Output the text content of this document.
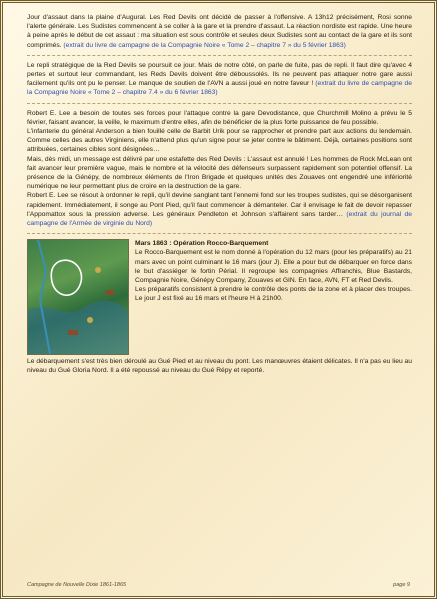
Jour d'assaut dans la plaine d'Augural. Les Red Devils ont décidé de passer à l'offensive. A 13h12 précisément, Rosi sonne l'alerte générale. Les Sudistes commencent à se coller à la gare et la prendre d'assaut. La réaction nordiste est rapide. Une heure à peine après le début de cet assaut : ma situation est sous contrôle et seules deux Sudistes sont au contact de la gare et ils sont comprimés. (extrait du livre de campagne de la Compagnie Noire « Tome 2 – chapitre 7 » du 5 février 1863)

Le repli stratégique de la Red Devils se poursuit ce jour. Mais de notre côté, on parle de fuite, pas de repli. Il faut dire qu'avec 4 pertes et surtout leur commandant, les Reds Devils doivent être déboussolés. Ils ne peuvent pas attaquer notre gare aussi facilement qu'ils ont pu le penser. Le manque de soutien de l'AVN a aussi joué en notre faveur ! (extrait du livre de campagne de la Compagnie Noire « Tome 2 – chapitre 7.4 » du 6 février 1863)

Robert E. Lee a besoin de toutes ses forces pour l'attaque contre la gare Devodistance, que Churchmill Molino a prévu le 5 février, faisant avancer, la veille, le maximum d'entre elles, afin de bénéficier de la plus forte puissance de feu possible.

L'infanterie du général Anderson a bien fouillé celle de Barbit Urik pour se rapprocher et prendre part aux actions du lendemain. Comme celles des autres Virginiens, elle n'attend plus qu'un signe pour se jeter contre le bâtiment. Déjà, certaines positions sont attribuées, certaines cibles sont désignées…

Mais, dès midi, un message est délivré par une estafette des Red Devils : L'assaut est annulé ! Les hommes de Rock McLean ont fait avancer leur première vague, mais le nombre et la vélocité des défenseurs surpassent rapidement son potentiel offensif. La présence de la Génépy, de nombreux éléments de l'Iron Brigade et quelques unités des Zouaves ont engendré une infériorité numérique ne leur permettant plus de croire en la destruction de la gare.

Robert E. Lee se résout à ordonner le repli, qu'il devine sanglant tant l'ennemi fond sur les troupes sudistes, qui se désorganisent rapidement. Immédiatement, il songe au Pont Pied, qu'il faut commencer à démanteler. Car il envisage le fait de devoir repasser l'Appomattox sous la pression adverse. Les généraux Pendleton et Johnson s'affairent sans tarder… (extrait du journal de campagne de l'Armée de virginie du Nord)

Mars 1863 : Opération Rocco-Barquement

Le Rocco-Barquement est le nom donné à l'opération du 12 mars (pour les préparatifs) au 21 mars avec un point culminant le 16 mars (jour J). Elle a pour but de débarquer en force dans le but d'assiéger le fortin Périal. Il regroupe les compagnies Affranchis, Blue Bastards, Compagnie Noire, Génépy Company, Zouaves et GIN. En face, AVN, FT et Red Devils.

Les préparatifs consistent à prendre le contrôle des ponts de la zone et à placer des troupes. Le jour J est fixé au 16 mars et l'heure H à 21h00.

Le débarquement s'est très bien déroulé au Gué Pied et au niveau du pont. Les manœuvres étaient délicates. Il n'a pas eu lieu au niveau du Gué Gloria Nord. Il a été repoussé au niveau du Gué Répy et reporté.

Campagne de Nouvelle Dixie 1861-1865	page 9
